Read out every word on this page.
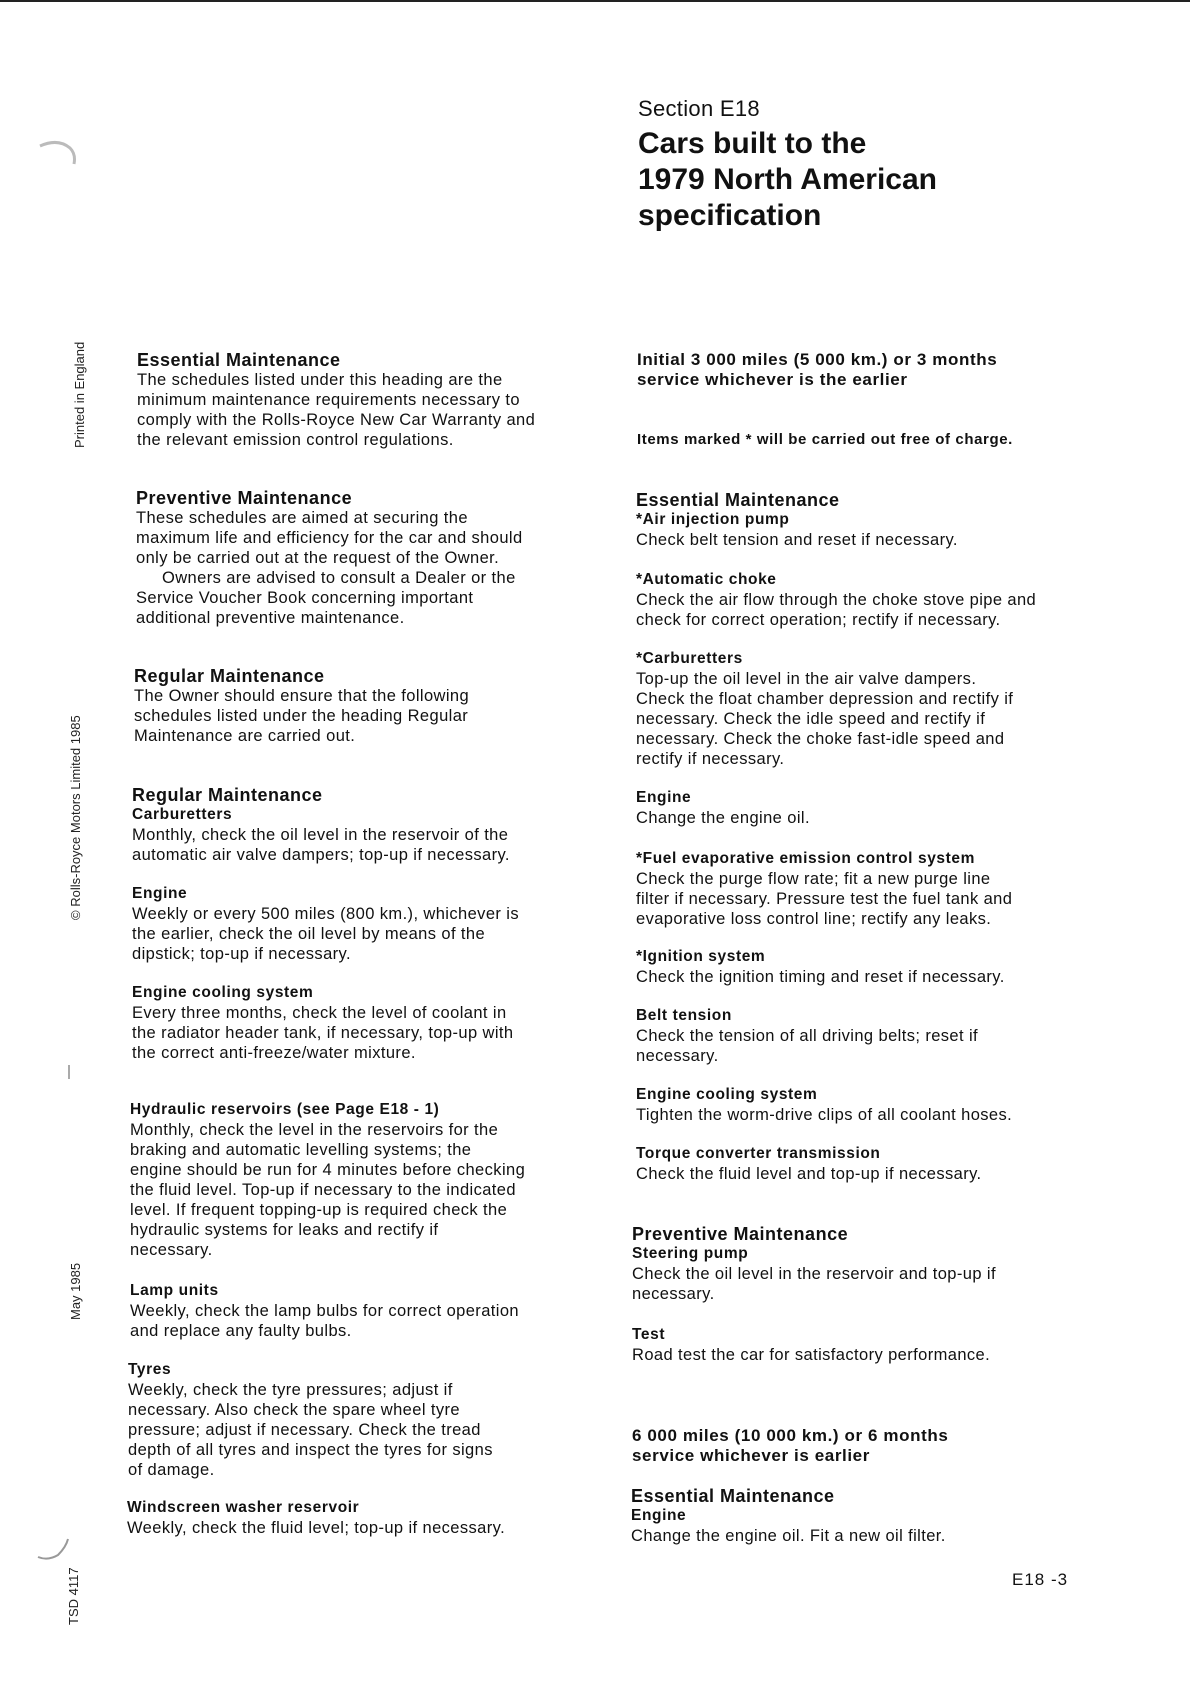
Printed in England
© Rolls-Royce Motors Limited 1985
May 1985
TSD 4117
Section E18
Cars built to the
1979 North American
specification
Essential Maintenance
The schedules listed under this heading are the
minimum maintenance requirements necessary to
comply with the Rolls-Royce New Car Warranty and
the relevant emission control regulations.
Preventive Maintenance
These schedules are aimed at securing the
maximum life and efficiency for the car and should
only be carried out at the request of the Owner.
Owners are advised to consult a Dealer or the
Service Voucher Book concerning important
additional preventive maintenance.
Regular Maintenance
The Owner should ensure that the following
schedules listed under the heading Regular
Maintenance are carried out.
Regular Maintenance
Carburetters
Monthly, check the oil level in the reservoir of the
automatic air valve dampers; top-up if necessary.
Engine
Weekly or every 500 miles (800 km.), whichever is
the earlier, check the oil level by means of the
dipstick; top-up if necessary.
Engine cooling system
Every three months, check the level of coolant in
the radiator header tank, if necessary, top-up with
the correct anti-freeze/water mixture.
Hydraulic reservoirs (see Page E18 - 1)
Monthly, check the level in the reservoirs for the
braking and automatic levelling systems; the
engine should be run for 4 minutes before checking
the fluid level. Top-up if necessary to the indicated
level. If frequent topping-up is required check the
hydraulic systems for leaks and rectify if
necessary.
Lamp units
Weekly, check the lamp bulbs for correct operation
and replace any faulty bulbs.
Tyres
Weekly, check the tyre pressures; adjust if
necessary. Also check the spare wheel tyre
pressure; adjust if necessary. Check the tread
depth of all tyres and inspect the tyres for signs
of damage.
Windscreen washer reservoir
Weekly, check the fluid level; top-up if necessary.
Initial 3 000 miles (5 000 km.) or 3 months
service whichever is the earlier
Items marked * will be carried out free of charge.
Essential Maintenance
*Air injection pump
Check belt tension and reset if necessary.
*Automatic choke
Check the air flow through the choke stove pipe and
check for correct operation; rectify if necessary.
*Carburetters
Top-up the oil level in the air valve dampers.
Check the float chamber depression and rectify if
necessary. Check the idle speed and rectify if
necessary. Check the choke fast-idle speed and
rectify if necessary.
Engine
Change the engine oil.
*Fuel evaporative emission control system
Check the purge flow rate; fit a new purge line
filter if necessary. Pressure test the fuel tank and
evaporative loss control line; rectify any leaks.
*Ignition system
Check the ignition timing and reset if necessary.
Belt tension
Check the tension of all driving belts; reset if
necessary.
Engine cooling system
Tighten the worm-drive clips of all coolant hoses.
Torque converter transmission
Check the fluid level and top-up if necessary.
Preventive Maintenance
Steering pump
Check the oil level in the reservoir and top-up if
necessary.
Test
Road test the car for satisfactory performance.
6 000 miles (10 000 km.) or 6 months
service whichever is earlier
Essential Maintenance
Engine
Change the engine oil. Fit a new oil filter.
E18 -3
